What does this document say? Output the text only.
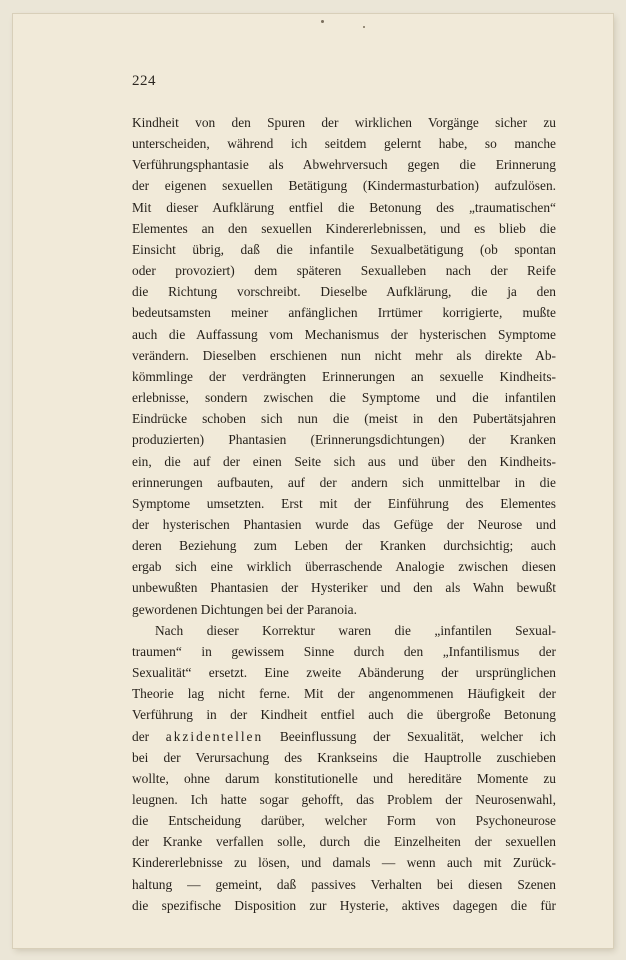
224
Kindheit von den Spuren der wirklichen Vorgänge sicher zu
unterscheiden, während ich seitdem gelernt habe, so manche
Verführungsphantasie als Abwehrversuch gegen die Erinnerung
der eigenen sexuellen Betätigung (Kindermasturbation) aufzulösen.
Mit dieser Aufklärung entfiel die Betonung des „traumatischen“
Elementes an den sexuellen Kindererlebnissen, und es blieb die
Einsicht übrig, daß die infantile Sexualbetätigung (ob spontan
oder provoziert) dem späteren Sexualleben nach der Reife
die Richtung vorschreibt. Dieselbe Aufklärung, die ja den
bedeutsamsten meiner anfänglichen Irrtümer korrigierte, mußte
auch die Auffassung vom Mechanismus der hysterischen Symptome
verändern. Dieselben erschienen nun nicht mehr als direkte Ab-
kömmlinge der verdrängten Erinnerungen an sexuelle Kindheits-
erlebnisse, sondern zwischen die Symptome und die infantilen
Eindrücke schoben sich nun die (meist in den Pubertätsjahren
produzierten) Phantasien (Erinnerungsdichtungen) der Kranken
ein, die auf der einen Seite sich aus und über den Kindheits-
erinnerungen aufbauten, auf der andern sich unmittelbar in die
Symptome umsetzten. Erst mit der Einführung des Elementes
der hysterischen Phantasien wurde das Gefüge der Neurose und
deren Beziehung zum Leben der Kranken durchsichtig; auch
ergab sich eine wirklich überraschende Analogie zwischen diesen
unbewußten Phantasien der Hysteriker und den als Wahn bewußt
gewordenen Dichtungen bei der Paranoia.
Nach dieser Korrektur waren die „infantilen Sexual-
traumen“ in gewissem Sinne durch den „Infantilismus der
Sexualität“ ersetzt. Eine zweite Abänderung der ursprünglichen
Theorie lag nicht ferne. Mit der angenommenen Häufigkeit der
Verführung in der Kindheit entfiel auch die übergroße Betonung
der akzidentellen Beeinflussung der Sexualität, welcher ich
bei der Verursachung des Krankseins die Hauptrolle zuschieben
wollte, ohne darum konstitutionelle und hereditäre Momente zu
leugnen. Ich hatte sogar gehofft, das Problem der Neurosenwahl,
die Entscheidung darüber, welcher Form von Psychoneurose
der Kranke verfallen solle, durch die Einzelheiten der sexuellen
Kindererlebnisse zu lösen, und damals — wenn auch mit Zurück-
haltung — gemeint, daß passives Verhalten bei diesen Szenen
die spezifische Disposition zur Hysterie, aktives dagegen die für
